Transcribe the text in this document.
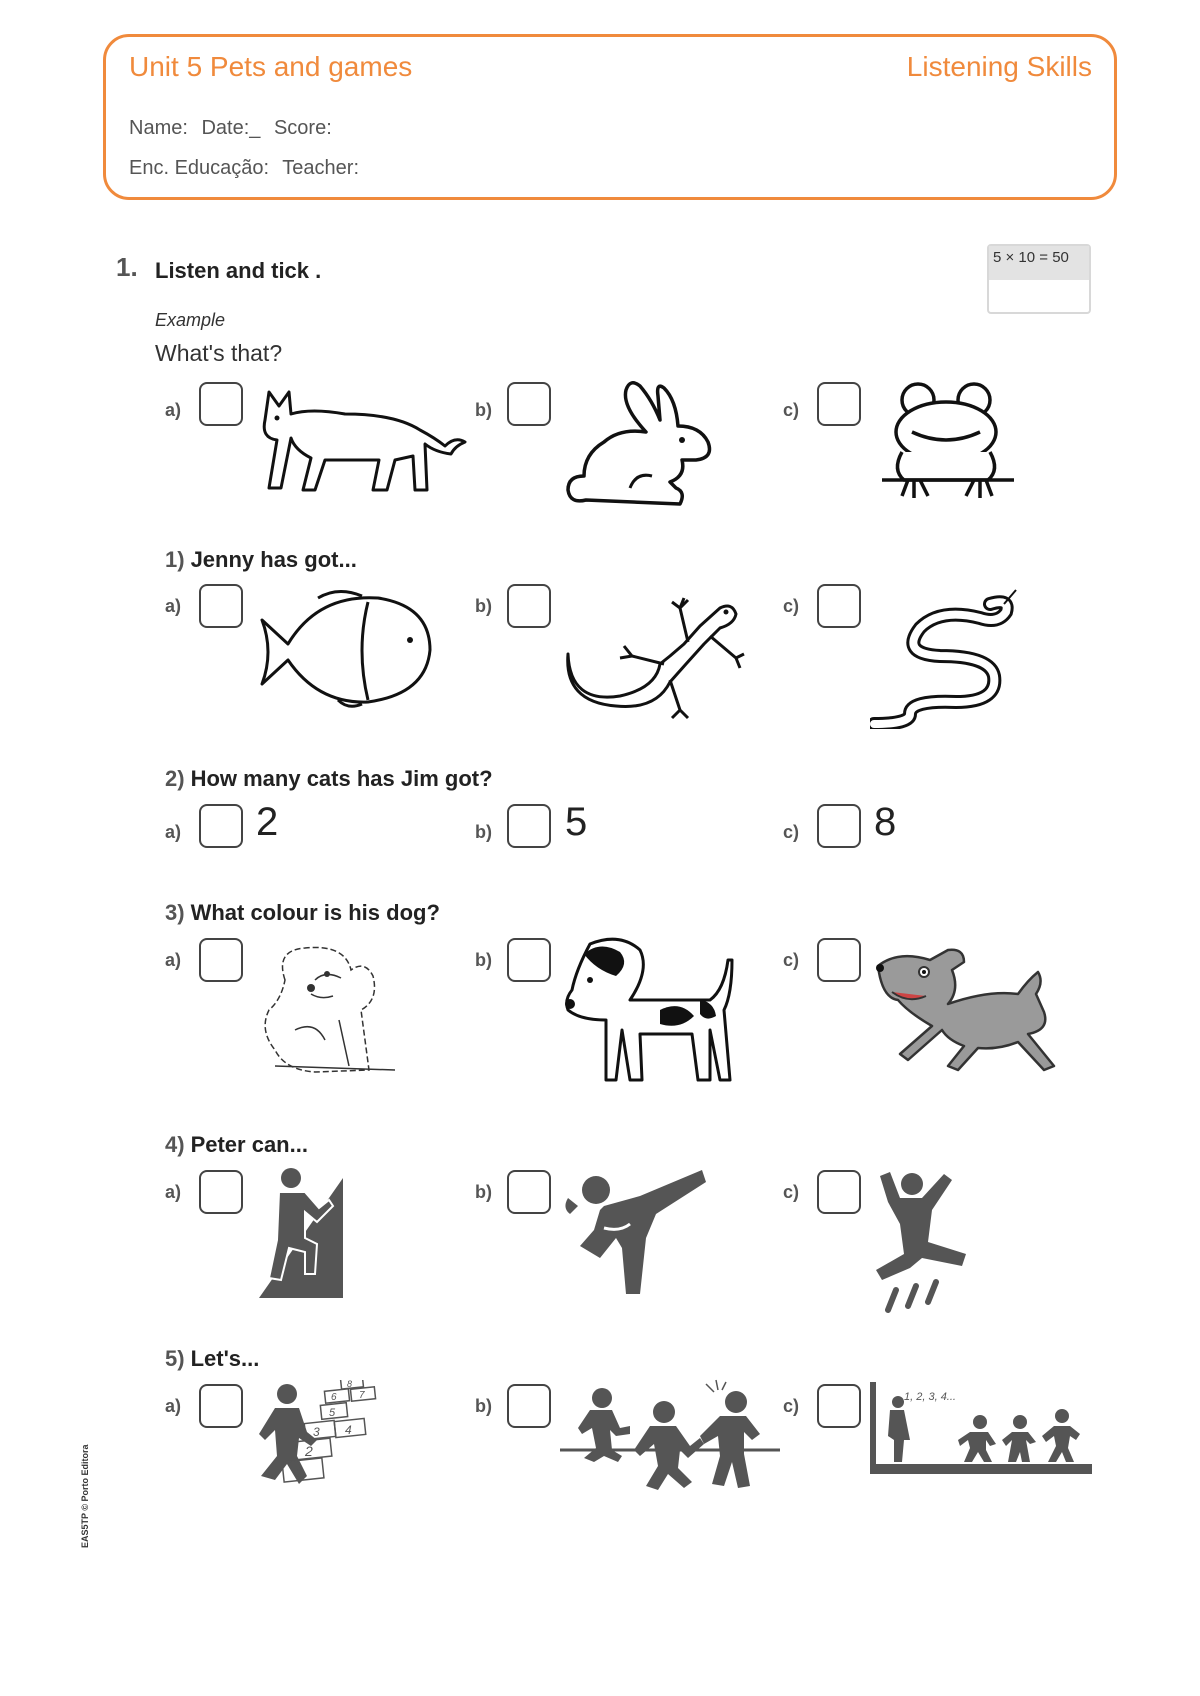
Unit 5 Pets and games	Listening Skills
Name: Date:_ Score:
Enc. Educação: Teacher:
5 × 10 = 50
1. Listen and tick .
Example
What's that?
a)	b)	c)
1) Jenny has got...
a)	b)	c)
2) How many cats has Jim got?
a) 2	b) 5	c) 8
3) What colour is his dog?
a)	b)	c)
4) Peter can...
a)	b)	c)
5) Let's...
a)
1
2
3 4
5
6 7
8
b)	c)	1, 2, 3, 4...
EAS5TP © Porto Editora
